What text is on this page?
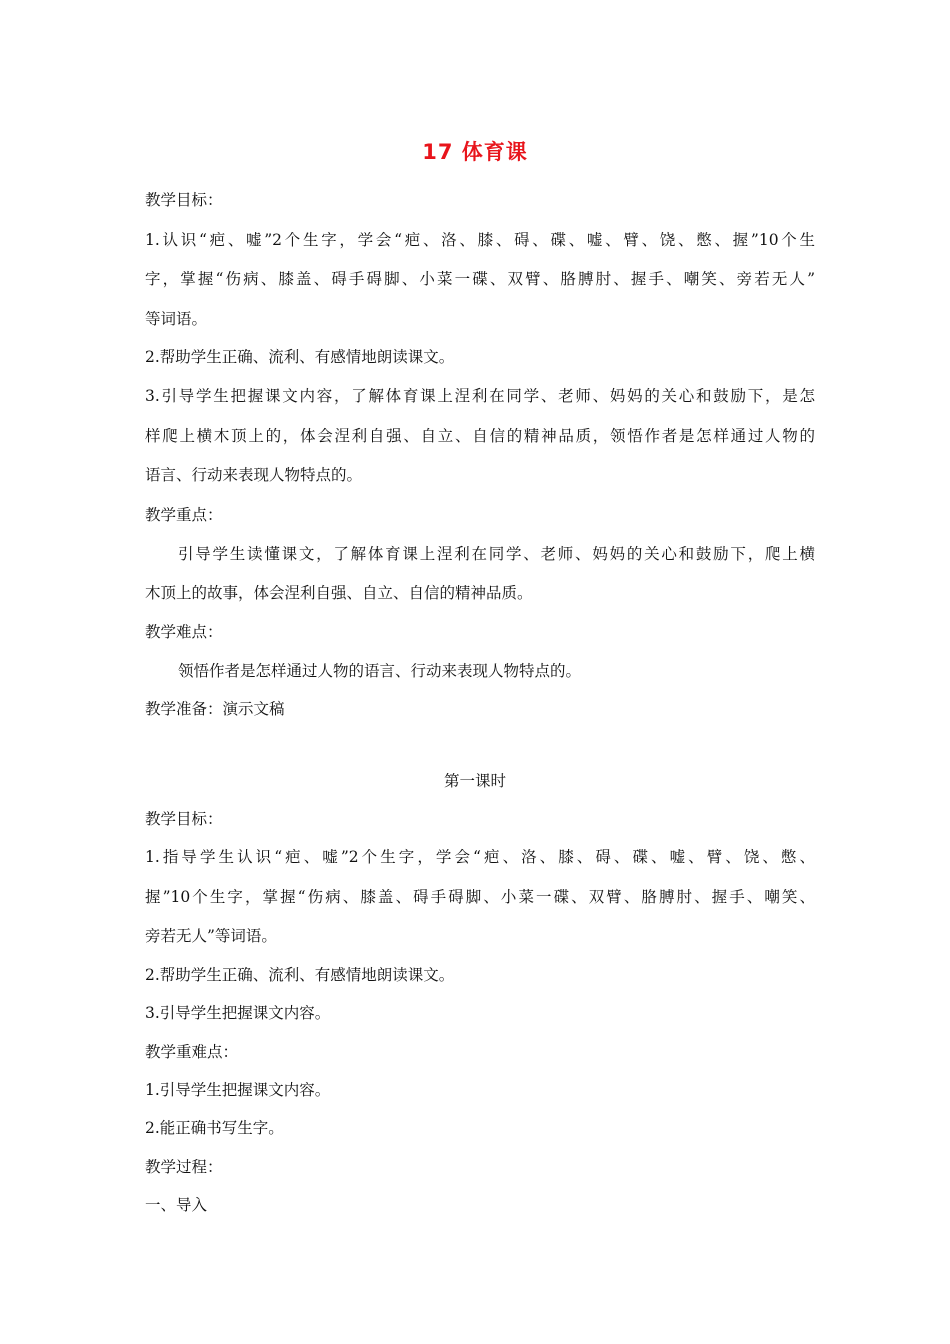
17 体育课
教学目标：
1.认识“疤、嘘”2个生字，学会“疤、洛、膝、碍、碟、嘘、臂、饶、憋、握”10个生
字，掌握“伤病、膝盖、碍手碍脚、小菜一碟、双臂、胳膊肘、握手、嘲笑、旁若无人”
等词语。
2.帮助学生正确、流利、有感情地朗读课文。
3.引导学生把握课文内容，了解体育课上涅利在同学、老师、妈妈的关心和鼓励下，是怎
样爬上横木顶上的，体会涅利自强、自立、自信的精神品质，领悟作者是怎样通过人物的
语言、行动来表现人物特点的。
教学重点：
引导学生读懂课文，了解体育课上涅利在同学、老师、妈妈的关心和鼓励下，爬上横
木顶上的故事，体会涅利自强、自立、自信的精神品质。
教学难点：
领悟作者是怎样通过人物的语言、行动来表现人物特点的。
教学准备：演示文稿
第一课时
教学目标：
1.指导学生认识“疤、嘘”2个生字，学会“疤、洛、膝、碍、碟、嘘、臂、饶、憋、
握”10个生字，掌握“伤病、膝盖、碍手碍脚、小菜一碟、双臂、胳膊肘、握手、嘲笑、
旁若无人”等词语。
2.帮助学生正确、流利、有感情地朗读课文。
3.引导学生把握课文内容。
教学重难点：
1.引导学生把握课文内容。
2.能正确书写生字。
教学过程：
一、导入
